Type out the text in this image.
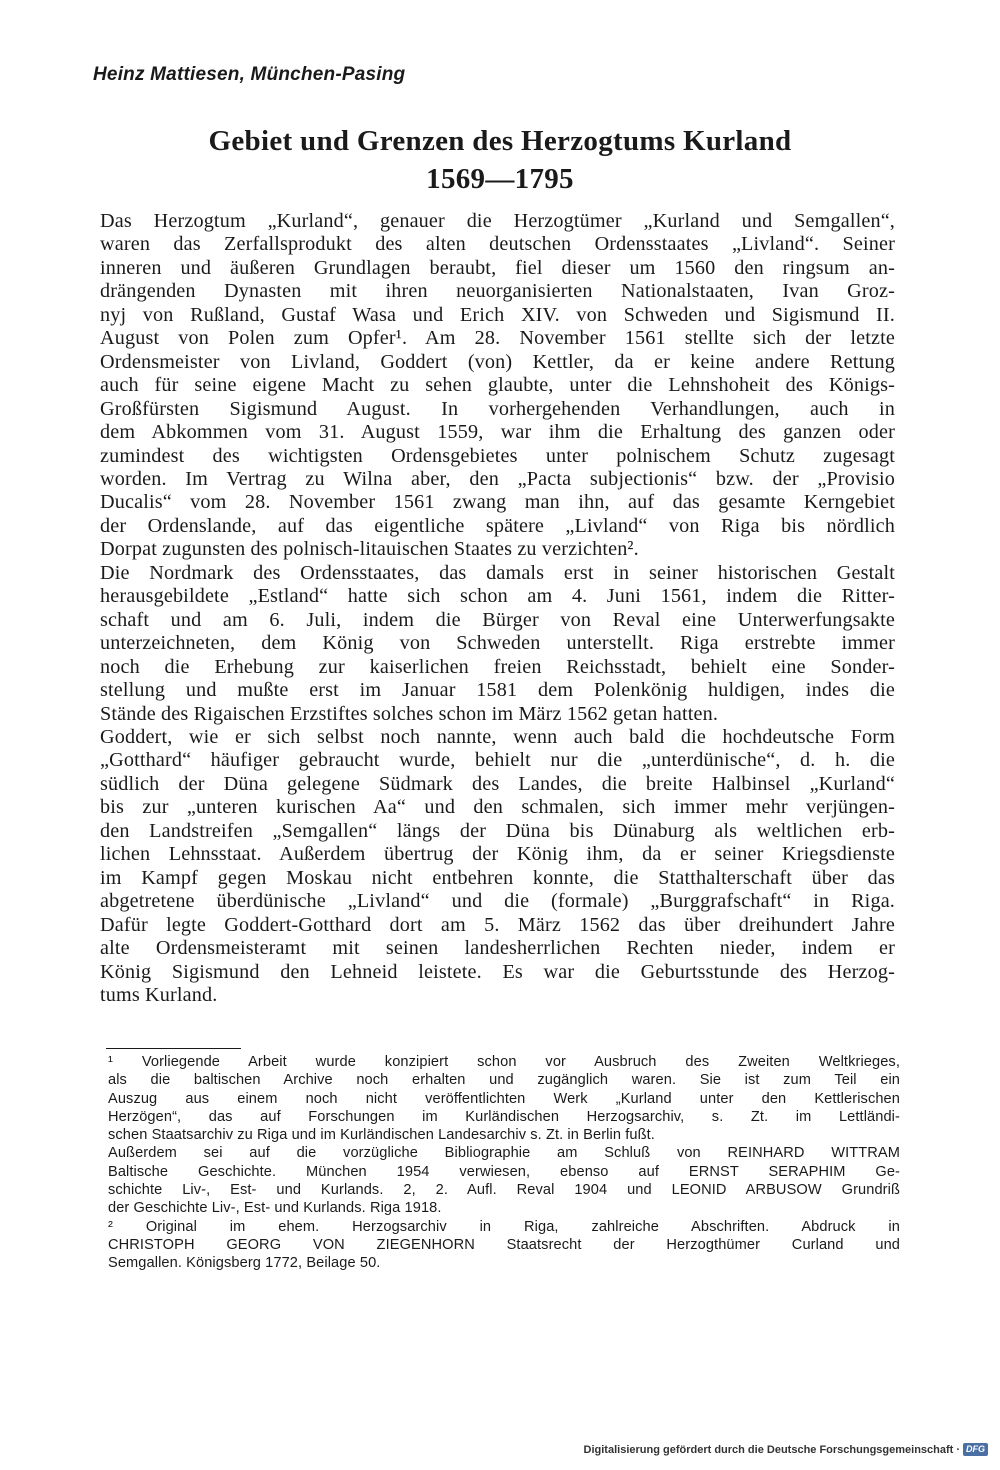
Heinz Mattiesen, München-Pasing

Gebiet und Grenzen des Herzogtums Kurland
1569—1795
Das Herzogtum „Kurland“, genauer die Herzogtümer „Kurland und Semgallen“,
waren das Zerfallsprodukt des alten deutschen Ordensstaates „Livland“. Seiner
inneren und äußeren Grundlagen beraubt, fiel dieser um 1560 den ringsum an-
drängenden Dynasten mit ihren neuorganisierten Nationalstaaten, Ivan Groz-
nyj von Rußland, Gustaf Wasa und Erich XIV. von Schweden und Sigismund II.
August von Polen zum Opfer¹. Am 28. November 1561 stellte sich der letzte
Ordensmeister von Livland, Goddert (von) Kettler, da er keine andere Rettung
auch für seine eigene Macht zu sehen glaubte, unter die Lehnshoheit des Königs-
Großfürsten Sigismund August. In vorhergehenden Verhandlungen, auch in
dem Abkommen vom 31. August 1559, war ihm die Erhaltung des ganzen oder
zumindest des wichtigsten Ordensgebietes unter polnischem Schutz zugesagt
worden. Im Vertrag zu Wilna aber, den „Pacta subjectionis“ bzw. der „Provisio
Ducalis“ vom 28. November 1561 zwang man ihn, auf das gesamte Kerngebiet
der Ordenslande, auf das eigentliche spätere „Livland“ von Riga bis nördlich
Dorpat zugunsten des polnisch-litauischen Staates zu verzichten².
Die Nordmark des Ordensstaates, das damals erst in seiner historischen Gestalt
herausgebildete „Estland“ hatte sich schon am 4. Juni 1561, indem die Ritter-
schaft und am 6. Juli, indem die Bürger von Reval eine Unterwerfungsakte
unterzeichneten, dem König von Schweden unterstellt. Riga erstrebte immer
noch die Erhebung zur kaiserlichen freien Reichsstadt, behielt eine Sonder-
stellung und mußte erst im Januar 1581 dem Polenkönig huldigen, indes die
Stände des Rigaischen Erzstiftes solches schon im März 1562 getan hatten.
Goddert, wie er sich selbst noch nannte, wenn auch bald die hochdeutsche Form
„Gotthard“ häufiger gebraucht wurde, behielt nur die „unterdünische“, d. h. die
südlich der Düna gelegene Südmark des Landes, die breite Halbinsel „Kurland“
bis zur „unteren kurischen Aa“ und den schmalen, sich immer mehr verjüngen-
den Landstreifen „Semgallen“ längs der Düna bis Dünaburg als weltlichen erb-
lichen Lehnsstaat. Außerdem übertrug der König ihm, da er seiner Kriegsdienste
im Kampf gegen Moskau nicht entbehren konnte, die Statthalterschaft über das
abgetretene überdünische „Livland“ und die (formale) „Burggrafschaft“ in Riga.
Dafür legte Goddert-Gotthard dort am 5. März 1562 das über dreihundert Jahre
alte Ordensmeisteramt mit seinen landesherrlichen Rechten nieder, indem er
König Sigismund den Lehneid leistete. Es war die Geburtsstunde des Herzog-
tums Kurland.
¹ Vorliegende Arbeit wurde konzipiert schon vor Ausbruch des Zweiten Weltkrieges,
als die baltischen Archive noch erhalten und zugänglich waren. Sie ist zum Teil ein
Auszug aus einem noch nicht veröffentlichten Werk „Kurland unter den Kettlerischen
Herzögen“, das auf Forschungen im Kurländischen Herzogsarchiv, s. Zt. im Lettländi-
schen Staatsarchiv zu Riga und im Kurländischen Landesarchiv s. Zt. in Berlin fußt.
Außerdem sei auf die vorzügliche Bibliographie am Schluß von REINHARD WITTRAM
Baltische Geschichte. München 1954 verwiesen, ebenso auf ERNST SERAPHIM Ge-
schichte Liv-, Est- und Kurlands. 2, 2. Aufl. Reval 1904 und LEONID ARBUSOW Grundriß
der Geschichte Liv-, Est- und Kurlands. Riga 1918.
² Original im ehem. Herzogsarchiv in Riga, zahlreiche Abschriften. Abdruck in
CHRISTOPH GEORG VON ZIEGENHORN Staatsrecht der Herzogthümer Curland und
Semgallen. Königsberg 1772, Beilage 50.
Digitalisierung gefördert durch die Deutsche Forschungsgemeinschaft · DFG
